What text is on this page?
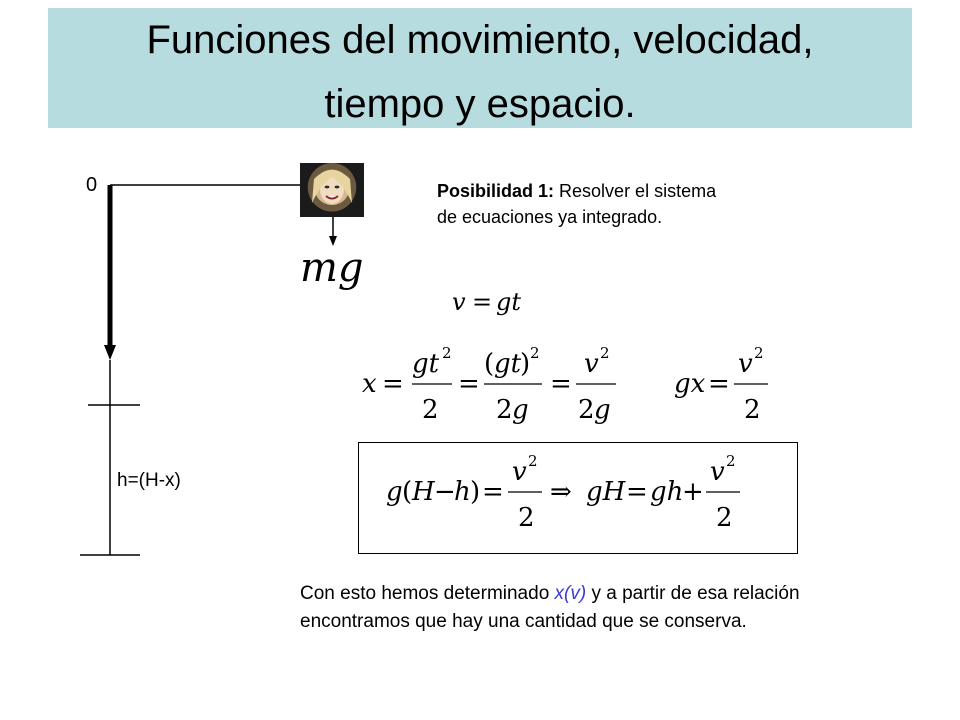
Funciones del movimiento, velocidad,
tiempo y espacio.
0
mg
Posibilidad 1: Resolver el sistema de ecuaciones ya integrado.
v = gt
x =
gt 2
2
=
( gt
) 2
2 g
=
v 2
2 g
gx =
v 2
2
g ( H −
h ) =
v 2
2
⇒ gH = gh
+
v 2
2
h=(H-x)
Con esto hemos determinado x(v) y a partir de esa relación encontramos que hay una cantidad que se conserva.
